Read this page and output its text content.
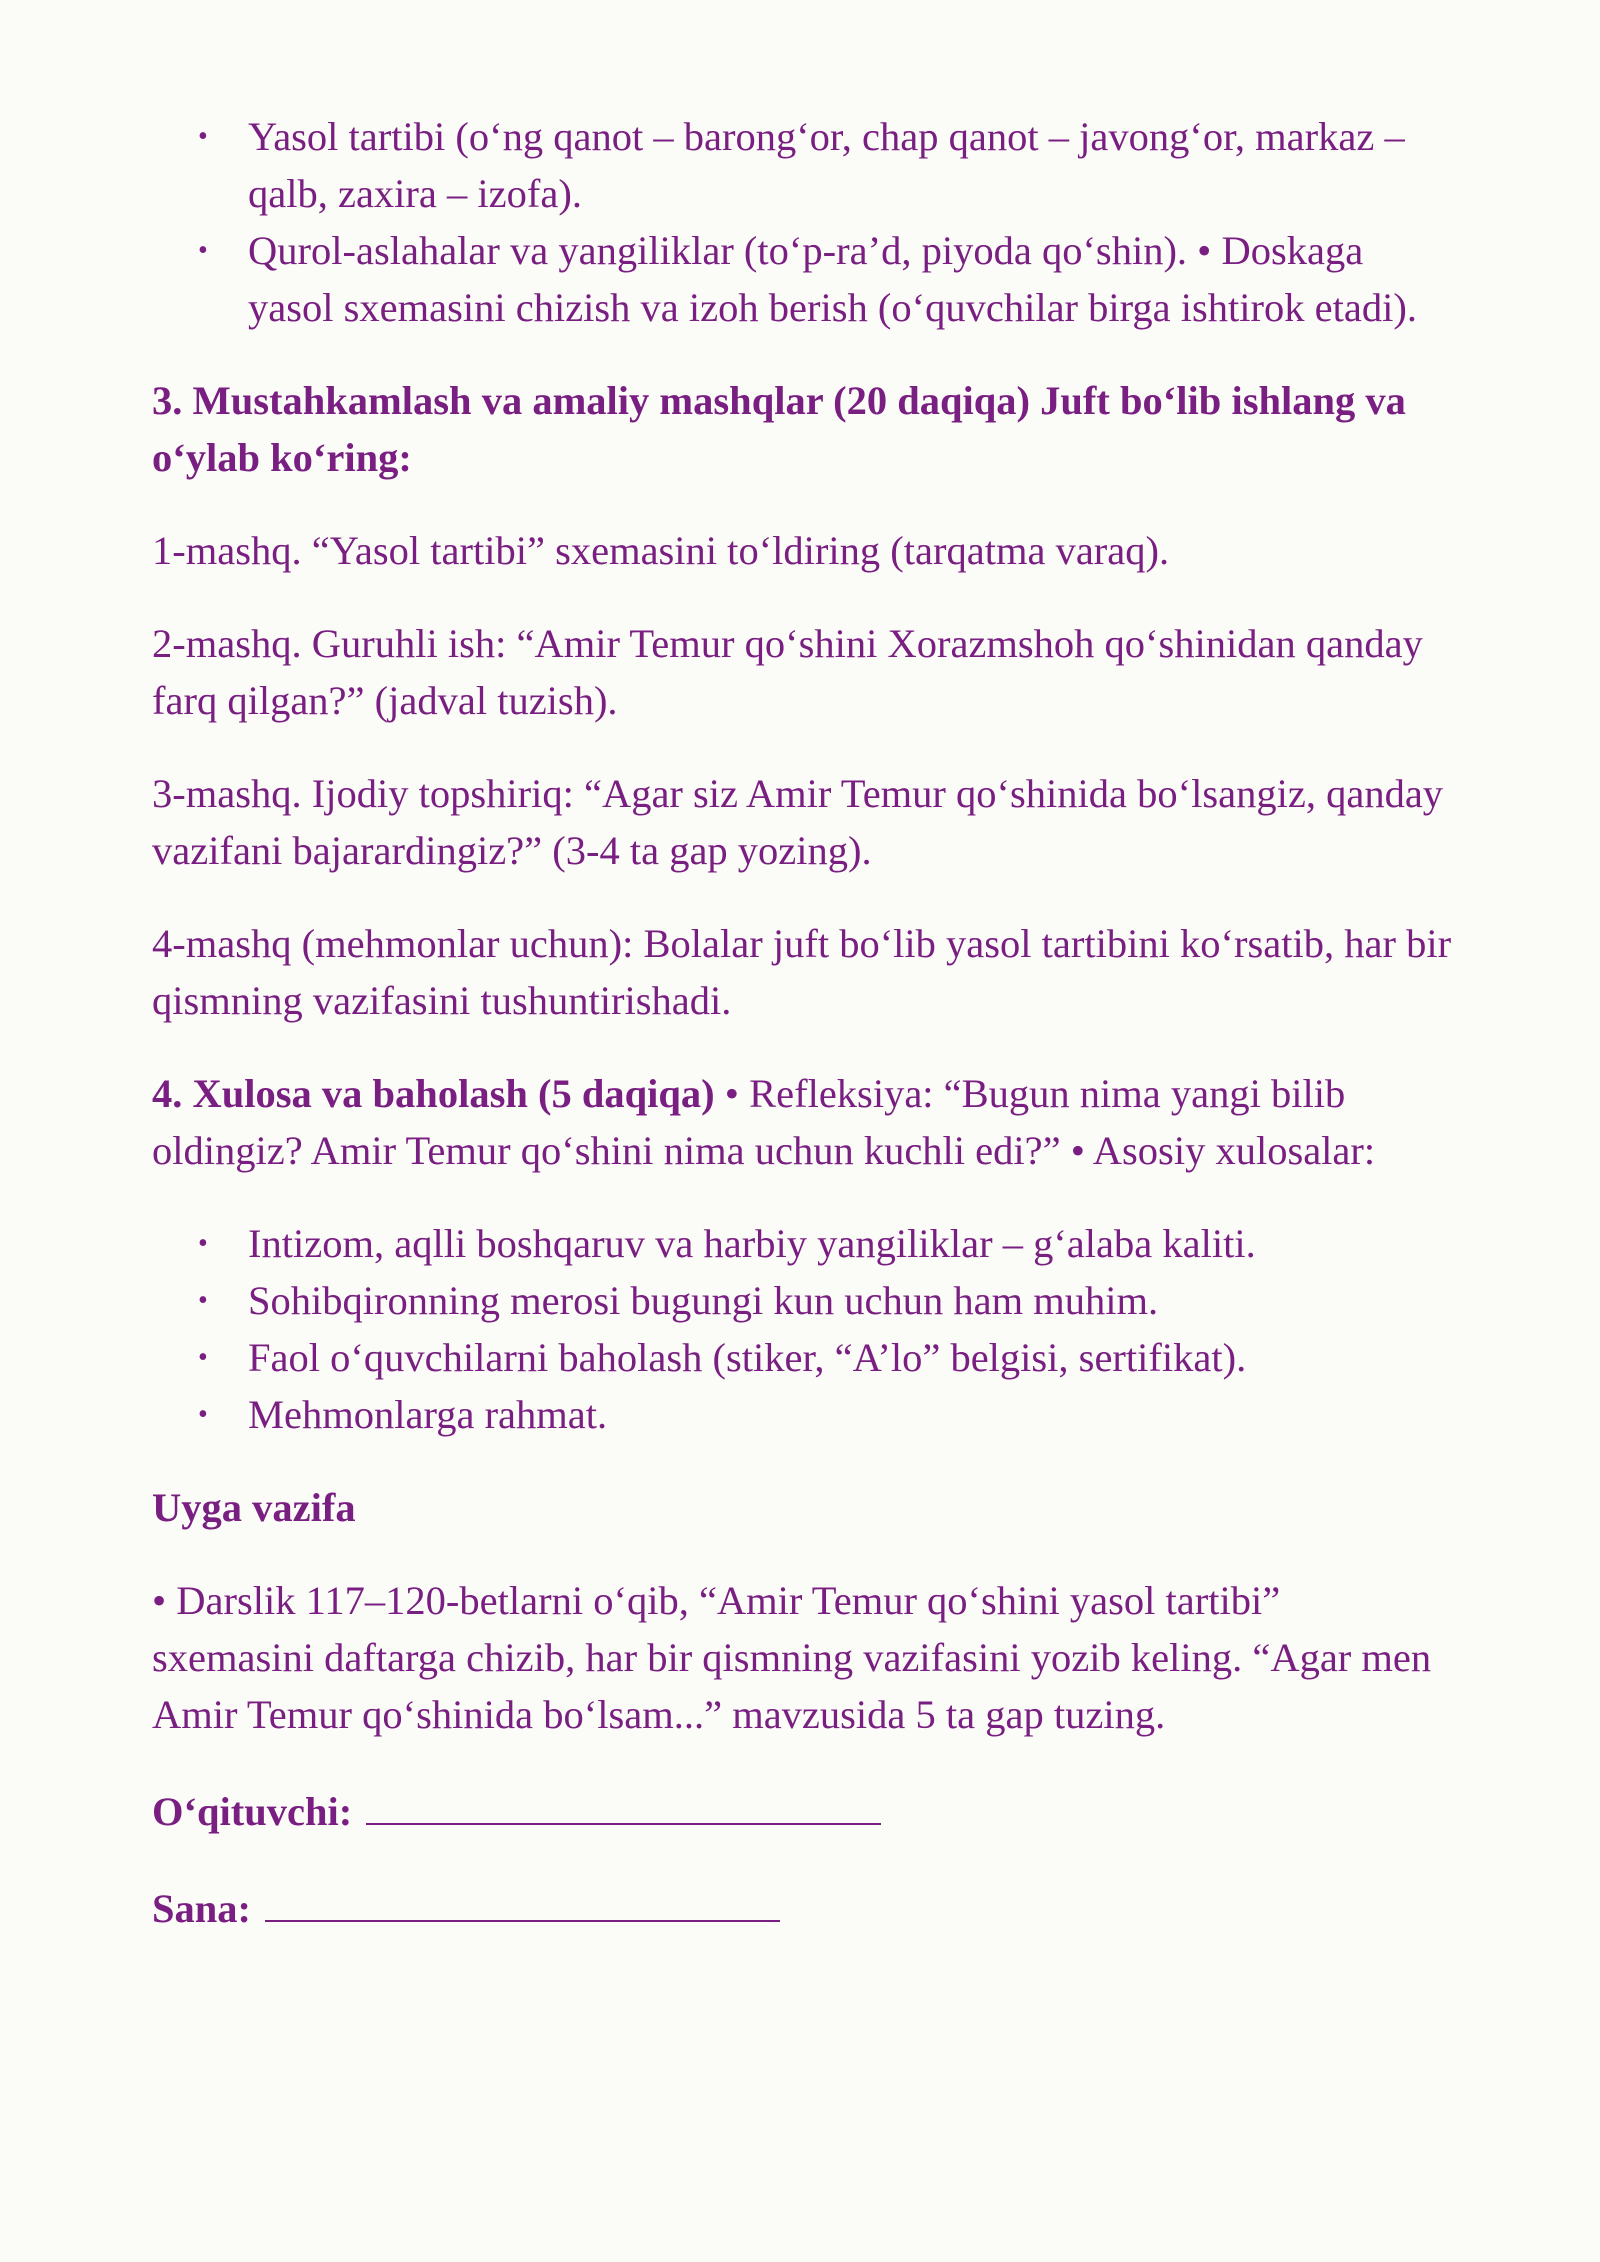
• Yasol tartibi (o‘ng qanot – barong‘or, chap qanot – javong‘or, markaz – qalb, zaxira – izofa).
• Qurol-aslahalar va yangiliklar (to‘p-ra’d, piyoda qo‘shin). • Doskaga yasol sxemasini chizish va izoh berish (o‘quvchilar birga ishtirok etadi).

3. Mustahkamlash va amaliy mashqlar (20 daqiqa) Juft bo‘lib ishlang va o‘ylab ko‘ring:

1-mashq. “Yasol tartibi” sxemasini to‘ldiring (tarqatma varaq).

2-mashq. Guruhli ish: “Amir Temur qo‘shini Xorazmshoh qo‘shinidan qanday farq qilgan?” (jadval tuzish).

3-mashq. Ijodiy topshiriq: “Agar siz Amir Temur qo‘shinida bo‘lsangiz, qanday vazifani bajarardingiz?” (3-4 ta gap yozing).

4-mashq (mehmonlar uchun): Bolalar juft bo‘lib yasol tartibini ko‘rsatib, har bir qismning vazifasini tushuntirishadi.

4. Xulosa va baholash (5 daqiqa) • Refleksiya: “Bugun nima yangi bilib oldingiz? Amir Temur qo‘shini nima uchun kuchli edi?” • Asosiy xulosalar:

• Intizom, aqlli boshqaruv va harbiy yangiliklar – g‘alaba kaliti.
• Sohibqironning merosi bugungi kun uchun ham muhim.
• Faol o‘quvchilarni baholash (stiker, “A’lo” belgisi, sertifikat).
• Mehmonlarga rahmat.

Uyga vazifa

• Darslik 117–120-betlarni o‘qib, “Amir Temur qo‘shini yasol tartibi” sxemasini daftarga chizib, har bir qismning vazifasini yozib keling. “Agar men Amir Temur qo‘shinida bo‘lsam...” mavzusida 5 ta gap tuzing.

O‘qituvchi:

Sana:
